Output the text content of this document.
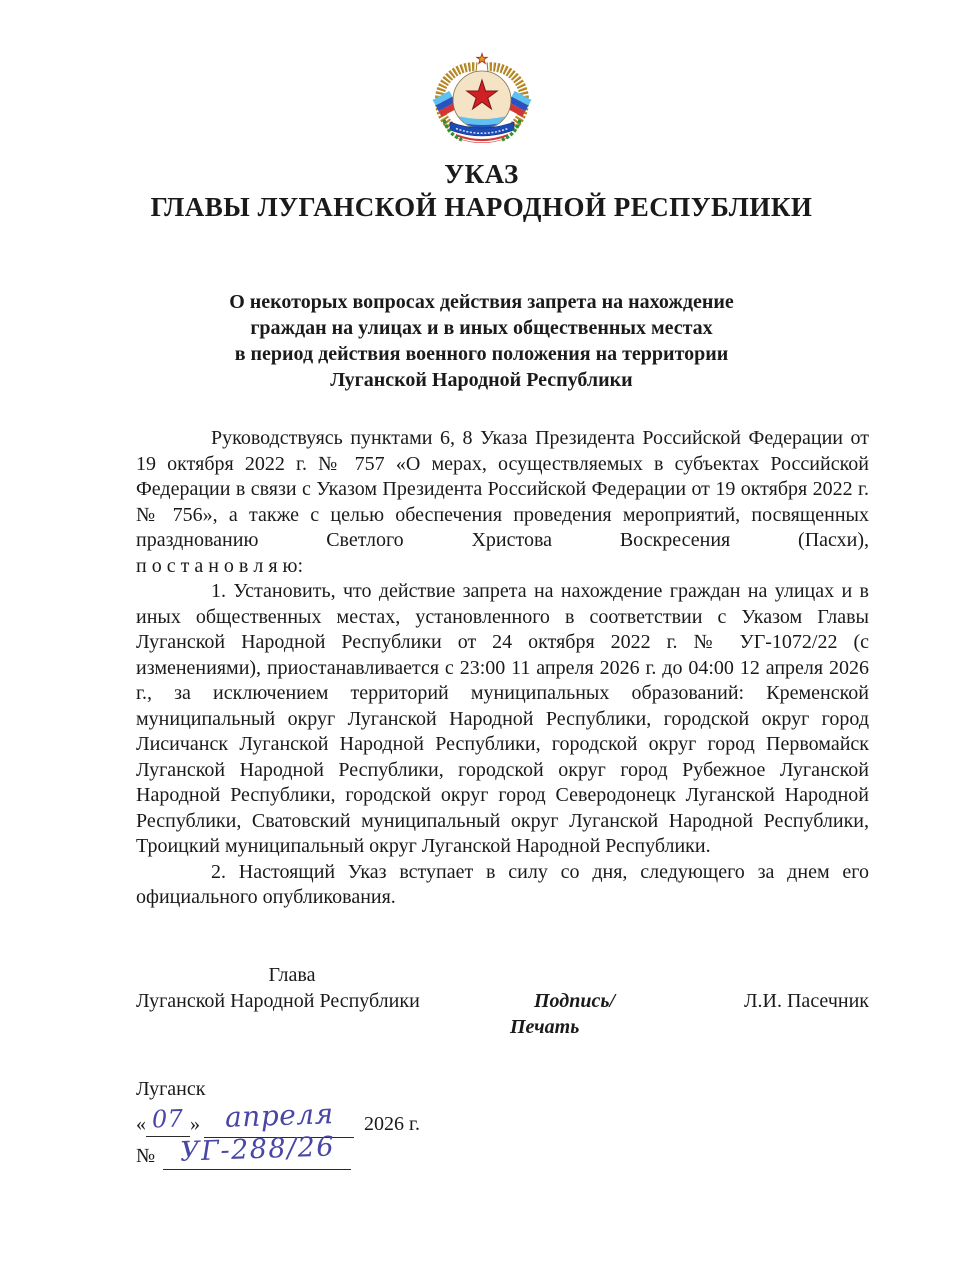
УКАЗ
ГЛАВЫ ЛУГАНСКОЙ НАРОДНОЙ РЕСПУБЛИКИ
О некоторых вопросах действия запрета на нахождение
граждан на улицах и в иных общественных местах
в период действия военного положения на территории
Луганской Народной Республики
Руководствуясь пунктами 6, 8 Указа Президента Российской Федерации от 19 октября 2022 г. № 757 «О мерах, осуществляемых в субъектах Российской Федерации в связи с Указом Президента Российской Федерации от 19 октября 2022 г. № 756», а также с целью обеспечения проведения мероприятий, посвященных празднованию Светлого Христова Воскресения (Пасхи),
п о с т а н о в л я ю:
1. Установить, что действие запрета на нахождение граждан на улицах и в иных общественных местах, установленного в соответствии с Указом Главы Луганской Народной Республики от 24 октября 2022 г. № УГ-1072/22 (с изменениями), приостанавливается с 23:00 11 апреля 2026 г. до 04:00 12 апреля 2026 г., за исключением территорий муниципальных образований: Кременской муниципальный округ Луганской Народной Республики, городской округ город Лисичанск Луганской Народной Республики, городской округ город Первомайск Луганской Народной Республики, городской округ город Рубежное Луганской Народной Республики, городской округ город Северодонецк Луганской Народной Республики, Сватовский муниципальный округ Луганской Народной Республики, Троицкий муниципальный округ Луганской Народной Республики.
2. Настоящий Указ вступает в силу со дня, следующего за днем его официального опубликования.
Глава
Луганской Народной Республики	Подпись/
Печать
Л.И. Пасечник
Луганск
« 07 » апреля 2026 г.
№ УГ-288/26
